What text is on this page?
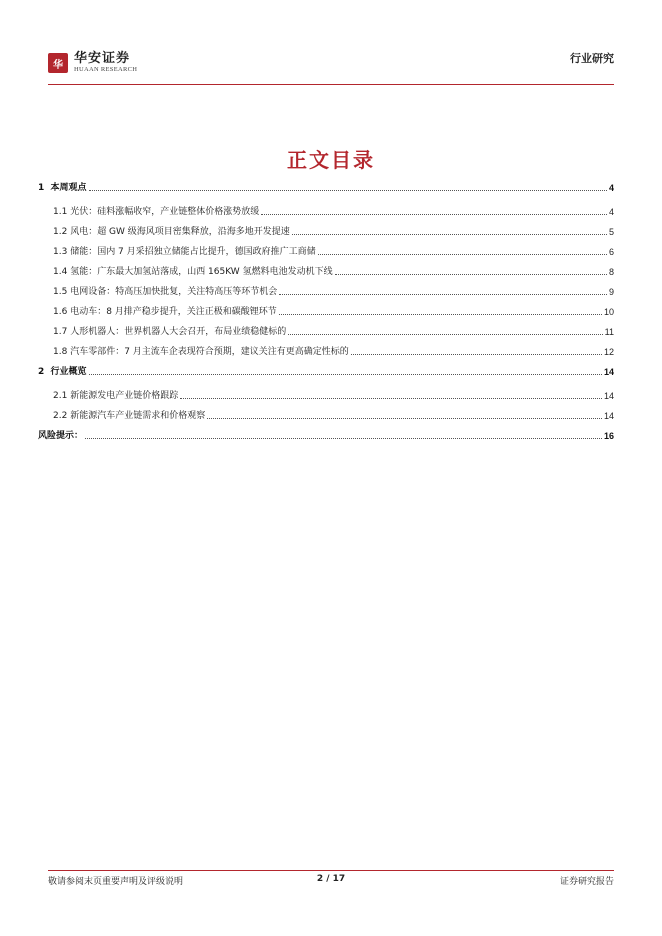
华 华安证券
HUAAN RESEARCH
行业研究
正文目录
1 本周观点	4
1.1 光伏：硅料涨幅收窄，产业链整体价格涨势放缓	4
1.2 风电：超 GW 级海风项目密集释放，沿海多地开发提速	5
1.3 储能：国内 7 月采招独立储能占比提升，德国政府推广工商储	6
1.4 氢能：广东最大加氢站落成，山西 165KW 氢燃料电池发动机下线	8
1.5 电网设备：特高压加快批复，关注特高压等环节机会	9
1.6 电动车：8 月排产稳步提升，关注正极和碳酸锂环节	10
1.7 人形机器人：世界机器人大会召开，布局业绩稳健标的	11
1.8 汽车零部件：7 月主流车企表现符合预期，建议关注有更高确定性标的	12
2 行业概览	14
2.1 新能源发电产业链价格跟踪	14
2.2 新能源汽车产业链需求和价格观察	14
风险提示：	16
敬请参阅末页重要声明及评级说明	2 / 17	证券研究报告
